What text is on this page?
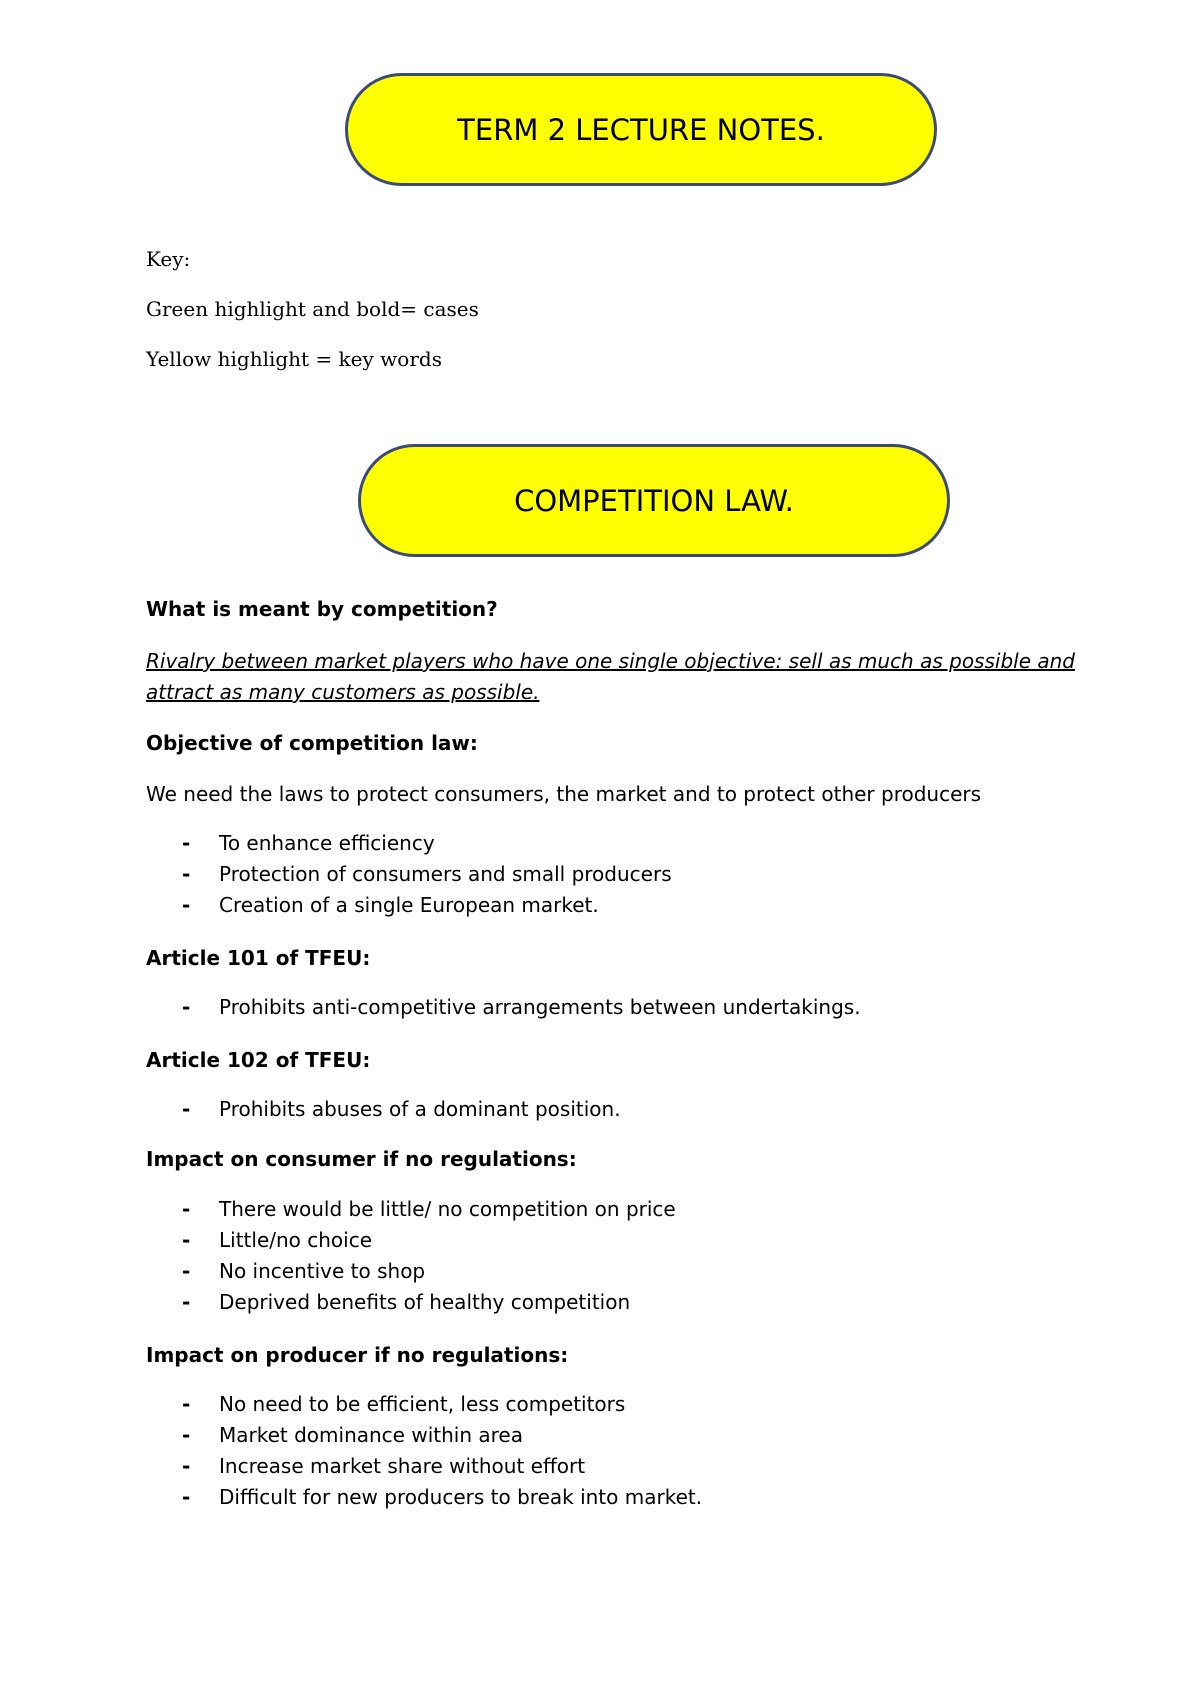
TERM 2 LECTURE NOTES.
Key:
Green highlight and bold= cases
Yellow highlight = key words
COMPETITION LAW.
What is meant by competition?

Rivalry between market players who have one single objective: sell as much as possible and attract as many customers as possible.

Objective of competition law:
We need the laws to protect consumers, the market and to protect other producers
- To enhance efficiency
- Protection of consumers and small producers
- Creation of a single European market.
Article 101 of TFEU:
- Prohibits anti-competitive arrangements between undertakings.
Article 102 of TFEU:
- Prohibits abuses of a dominant position.
Impact on consumer if no regulations:
- There would be little/ no competition on price
- Little/no choice
- No incentive to shop
- Deprived benefits of healthy competition
Impact on producer if no regulations:
- No need to be efficient, less competitors
- Market dominance within area
- Increase market share without effort
- Difficult for new producers to break into market.
